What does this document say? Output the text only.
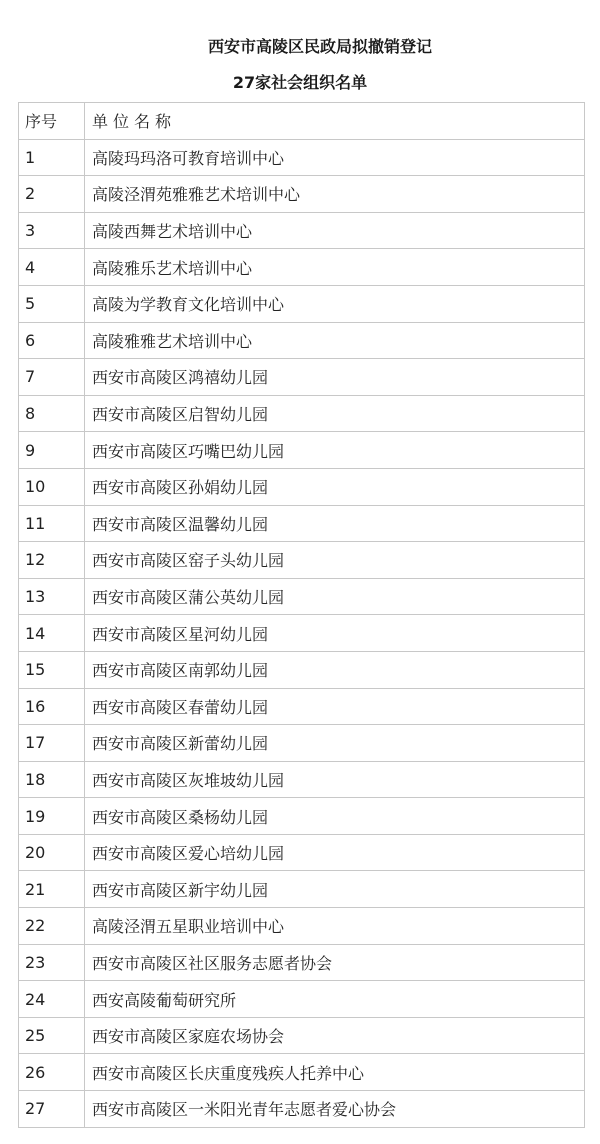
西安市高陵区民政局拟撤销登记
27家社会组织名单
序号	单位名称
1	高陵玛玛洛可教育培训中心
2	高陵泾渭苑雅雅艺术培训中心
3	高陵西舞艺术培训中心
4	高陵雅乐艺术培训中心
5	高陵为学教育文化培训中心
6	高陵雅雅艺术培训中心
7	西安市高陵区鸿禧幼儿园
8	西安市高陵区启智幼儿园
9	西安市高陵区巧嘴巴幼儿园
10	西安市高陵区孙娟幼儿园
11	西安市高陵区温馨幼儿园
12	西安市高陵区窑子头幼儿园
13	西安市高陵区蒲公英幼儿园
14	西安市高陵区星河幼儿园
15	西安市高陵区南郭幼儿园
16	西安市高陵区春蕾幼儿园
17	西安市高陵区新蕾幼儿园
18	西安市高陵区灰堆坡幼儿园
19	西安市高陵区桑杨幼儿园
20	西安市高陵区爱心培幼儿园
21	西安市高陵区新宇幼儿园
22	高陵泾渭五星职业培训中心
23	西安市高陵区社区服务志愿者协会
24	西安高陵葡萄研究所
25	西安市高陵区家庭农场协会
26	西安市高陵区长庆重度残疾人托养中心
27	西安市高陵区一米阳光青年志愿者爱心协会
